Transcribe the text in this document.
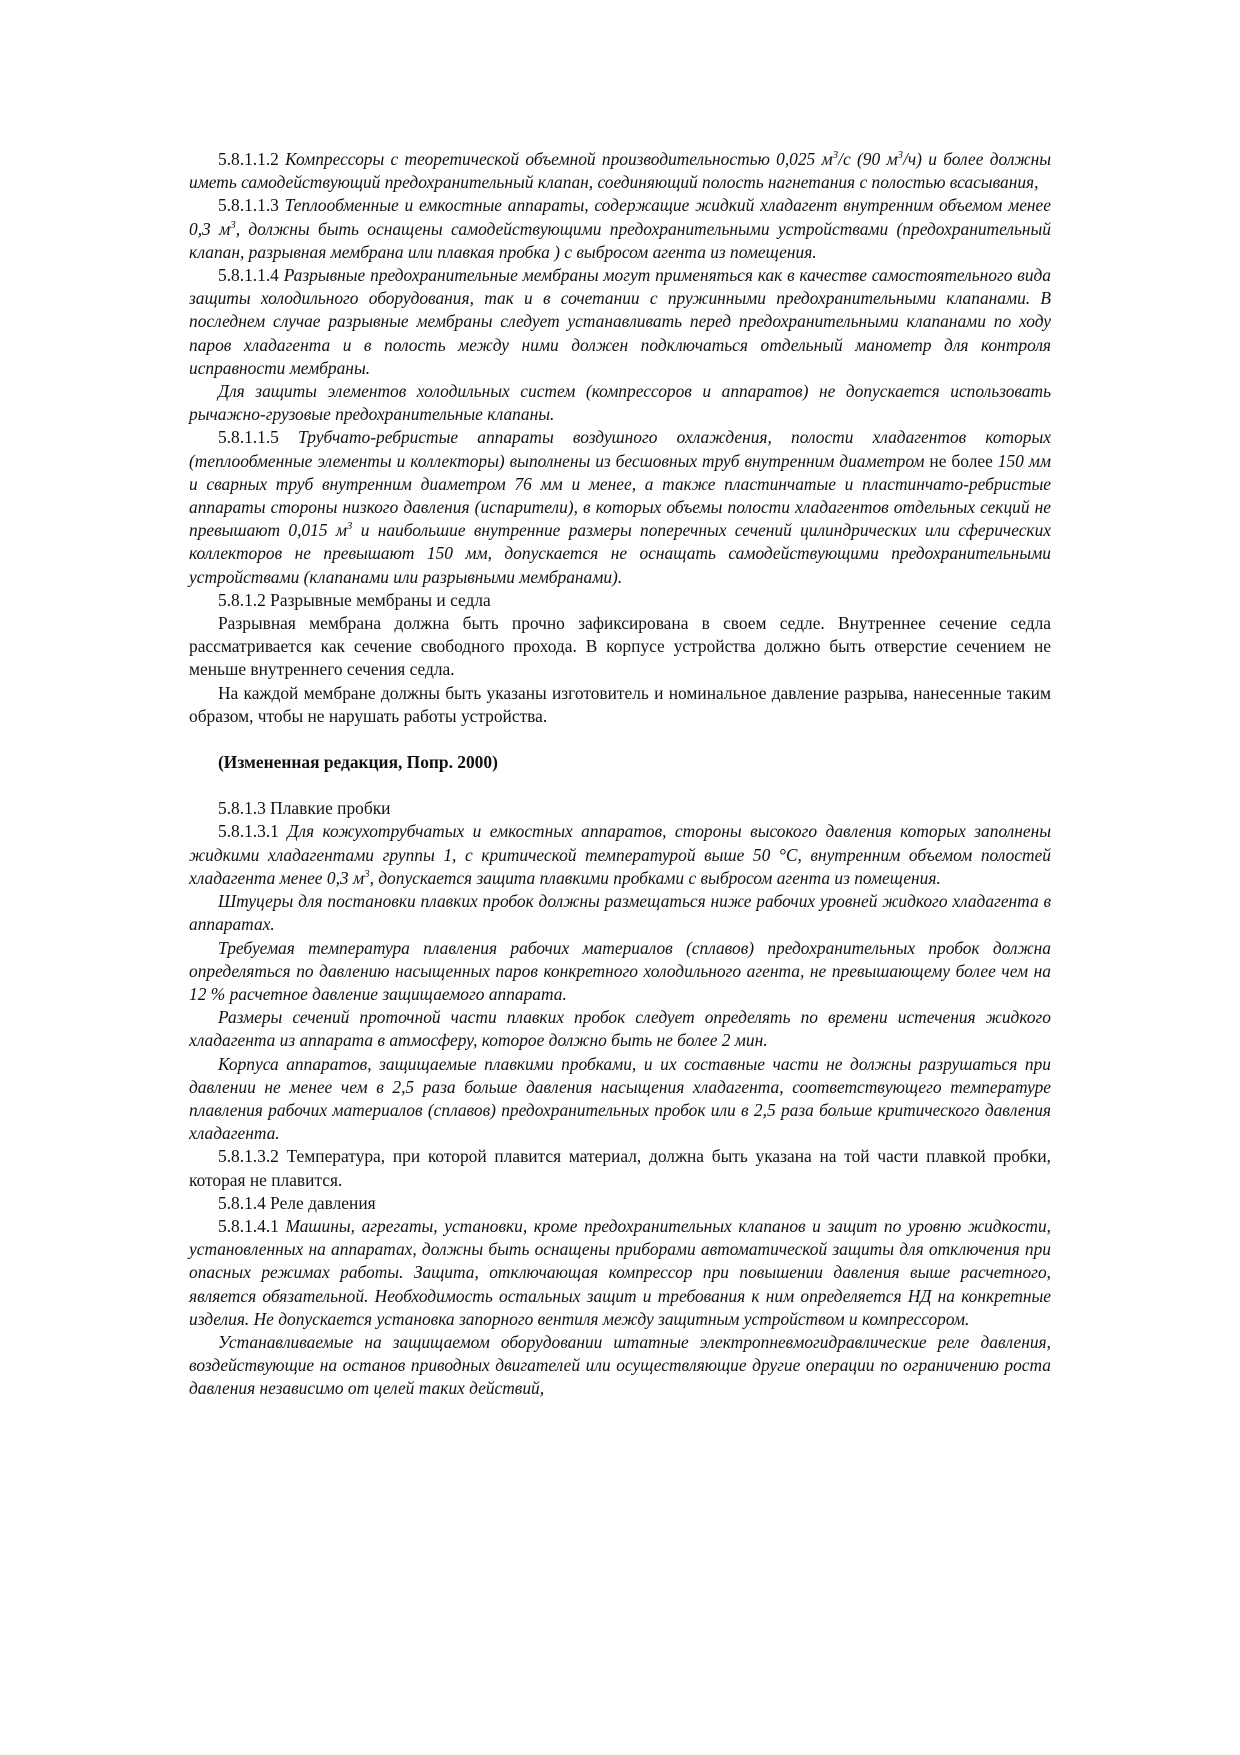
5.8.1.1.2 Компрессоры с теоретической объемной производительностью 0,025 $м^3/с$ (90 $м^3/ч$) и более должны иметь самодействующий предохранительный клапан, соединяющий полость нагнетания с полостью всасывания,

5.8.1.1.3 Теплообменные и емкостные аппараты, содержащие жидкий хладагент внутренним объемом менее 0,3 $м^3$, должны быть оснащены самодействующими предохранительными устройствами (предохранительный клапан, разрывная мембрана или плавкая пробка ) с выбросом агента из помещения.

5.8.1.1.4 Разрывные предохранительные мембраны могут применяться как в качестве самостоятельного вида защиты холодильного оборудования, так и в сочетании с пружинными предохранительными клапанами. В последнем случае разрывные мембраны следует устанавливать перед предохранительными клапанами по ходу паров хладагента и в полость между ними должен подключаться отдельный манометр для контроля исправности мембраны.

Для защиты элементов холодильных систем (компрессоров и аппаратов) не допускается использовать рычажно-грузовые предохранительные клапаны.

5.8.1.1.5 Трубчато-ребристые аппараты воздушного охлаждения, полости хладагентов которых (теплообменные элементы и коллекторы) выполнены из бесшовных труб внутренним диаметром не более 150 мм и сварных труб внутренним диаметром 76 мм и менее, а также пластинчатые и пластинчато-ребристые аппараты стороны низкого давления (испарители), в которых объемы полости хладагентов отдельных секций не превышают 0,015 $м^3$ и наибольшие внутренние размеры поперечных сечений цилиндрических или сферических коллекторов не превышают 150 мм, допускается не оснащать самодействующими предохранительными устройствами (клапанами или разрывными мембранами).

5.8.1.2 Разрывные мембраны и седла

Разрывная мембрана должна быть прочно зафиксирована в своем седле. Внутреннее сечение седла рассматривается как сечение свободного прохода. В корпусе устройства должно быть отверстие сечением не меньше внутреннего сечения седла.

На каждой мембране должны быть указаны изготовитель и номинальное давление разрыва, нанесенные таким образом, чтобы не нарушать работы устройства.

(Измененная редакция, Попр. 2000)

5.8.1.3 Плавкие пробки

5.8.1.3.1 Для кожухотрубчатых и емкостных аппаратов, стороны высокого давления которых заполнены жидкими хладагентами группы 1, с критической температурой выше 50 °С, внутренним объемом полостей хладагента менее 0,3 $м^3$, допускается защита плавкими пробками с выбросом агента из помещения.

Штуцеры для постановки плавких пробок должны размещаться ниже рабочих уровней жидкого хладагента в аппаратах.

Требуемая температура плавления рабочих материалов (сплавов) предохранительных пробок должна определяться по давлению насыщенных паров конкретного холодильного агента, не превышающему более чем на 12 % расчетное давление защищаемого аппарата.

Размеры сечений проточной части плавких пробок следует определять по времени истечения жидкого хладагента из аппарата в атмосферу, которое должно быть не более 2 мин.

Корпуса аппаратов, защищаемые плавкими пробками, и их составные части не должны разрушаться при давлении не менее чем в 2,5 раза больше давления насыщения хладагента, соответствующего температуре плавления рабочих материалов (сплавов) предохранительных пробок или в 2,5 раза больше критического давления хладагента.

5.8.1.3.2 Температура, при которой плавится материал, должна быть указана на той части плавкой пробки, которая не плавится.

5.8.1.4 Реле давления

5.8.1.4.1 Машины, агрегаты, установки, кроме предохранительных клапанов и защит по уровню жидкости, установленных на аппаратах, должны быть оснащены приборами автоматической защиты для отключения при опасных режимах работы. Защита, отключающая компрессор при повышении давления выше расчетного, является обязательной. Необходимость остальных защит и требования к ним определяется НД на конкретные изделия. Не допускается установка запорного вентиля между защитным устройством и компрессором.

Устанавливаемые на защищаемом оборудовании штатные электропневмогидравлические реле давления, воздействующие на останов приводных двигателей или осуществляющие другие операции по ограничению роста давления независимо от целей таких действий,
